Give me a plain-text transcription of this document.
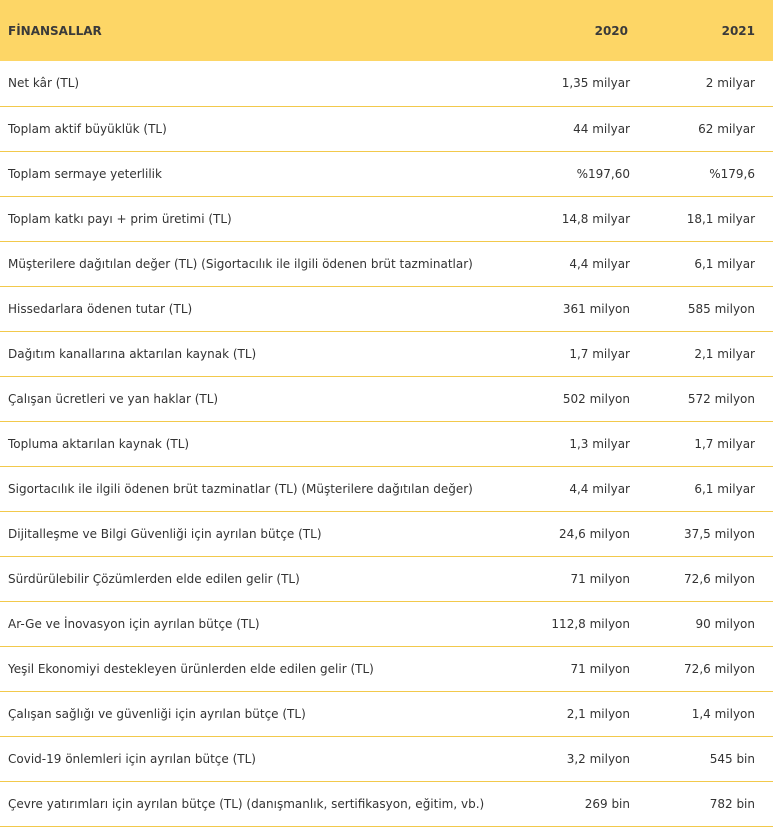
FİNANSALLAR	2020	2021
Net kâr (TL)	1,35 milyar	2 milyar
Toplam aktif büyüklük (TL)	44 milyar	62 milyar
Toplam sermaye yeterlilik	%197,60	%179,6
Toplam katkı payı + prim üretimi (TL)	14,8 milyar	18,1 milyar
Müşterilere dağıtılan değer (TL) (Sigortacılık ile ilgili ödenen brüt tazminatlar)	4,4 milyar	6,1 milyar
Hissedarlara ödenen tutar (TL)	361 milyon	585 milyon
Dağıtım kanallarına aktarılan kaynak (TL)	1,7 milyar	2,1 milyar
Çalışan ücretleri ve yan haklar (TL)	502 milyon	572 milyon
Topluma aktarılan kaynak (TL)	1,3 milyar	1,7 milyar
Sigortacılık ile ilgili ödenen brüt tazminatlar (TL) (Müşterilere dağıtılan değer)	4,4 milyar	6,1 milyar
Dijitalleşme ve Bilgi Güvenliği için ayrılan bütçe (TL)	24,6 milyon	37,5 milyon
Sürdürülebilir Çözümlerden elde edilen gelir (TL)	71 milyon	72,6 milyon
Ar-Ge ve İnovasyon için ayrılan bütçe (TL)	112,8 milyon	90 milyon
Yeşil Ekonomiyi destekleyen ürünlerden elde edilen gelir (TL)	71 milyon	72,6 milyon
Çalışan sağlığı ve güvenliği için ayrılan bütçe (TL)	2,1 milyon	1,4 milyon
Covid-19 önlemleri için ayrılan bütçe (TL)	3,2 milyon	545 bin
Çevre yatırımları için ayrılan bütçe (TL) (danışmanlık, sertifikasyon, eğitim, vb.)	269 bin	782 bin
